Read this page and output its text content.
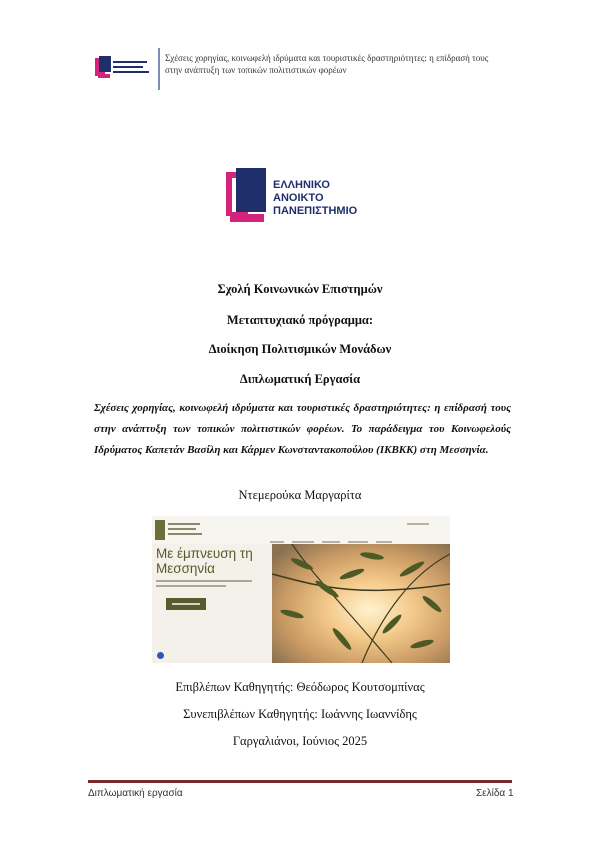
Σχέσεις χορηγίας, κοινωφελή ιδρύματα και τουριστικές δραστηριότητες: η επίδρασή τους στην ανάπτυξη των τοπικών πολιτιστικών φορέων
ΕΛΛΗΝΙΚΟ
ΑΝΟΙΚΤΟ
ΠΑΝΕΠΙΣΤΗΜΙΟ
Σχολή Κοινωνικών Επιστημών
Μεταπτυχιακό πρόγραμμα:
Διοίκηση Πολιτισμικών Μονάδων
Διπλωματική Εργασία
Σχέσεις χορηγίας, κοινωφελή ιδρύματα και τουριστικές δραστηριότητες: η επίδρασή τους στην ανάπτυξη των τοπικών πολιτιστικών φορέων. Το παράδειγμα του Κοινωφελούς Ιδρύματος Καπετάν Βασίλη και Κάρμεν Κωνσταντακοπούλου (ΙΚΒΚΚ) στη Μεσσηνία.
Ντεμερούκα Μαργαρίτα
Με έμπνευση τη Μεσσηνία
Επιβλέπων Καθηγητής: Θεόδωρος Κουτσομπίνας
Συνεπιβλέπων Καθηγητής: Ιωάννης Ιωαννίδης
Γαργαλιάνοι, Ιούνιος 2025
Διπλωματική εργασία	Σελίδα 1
